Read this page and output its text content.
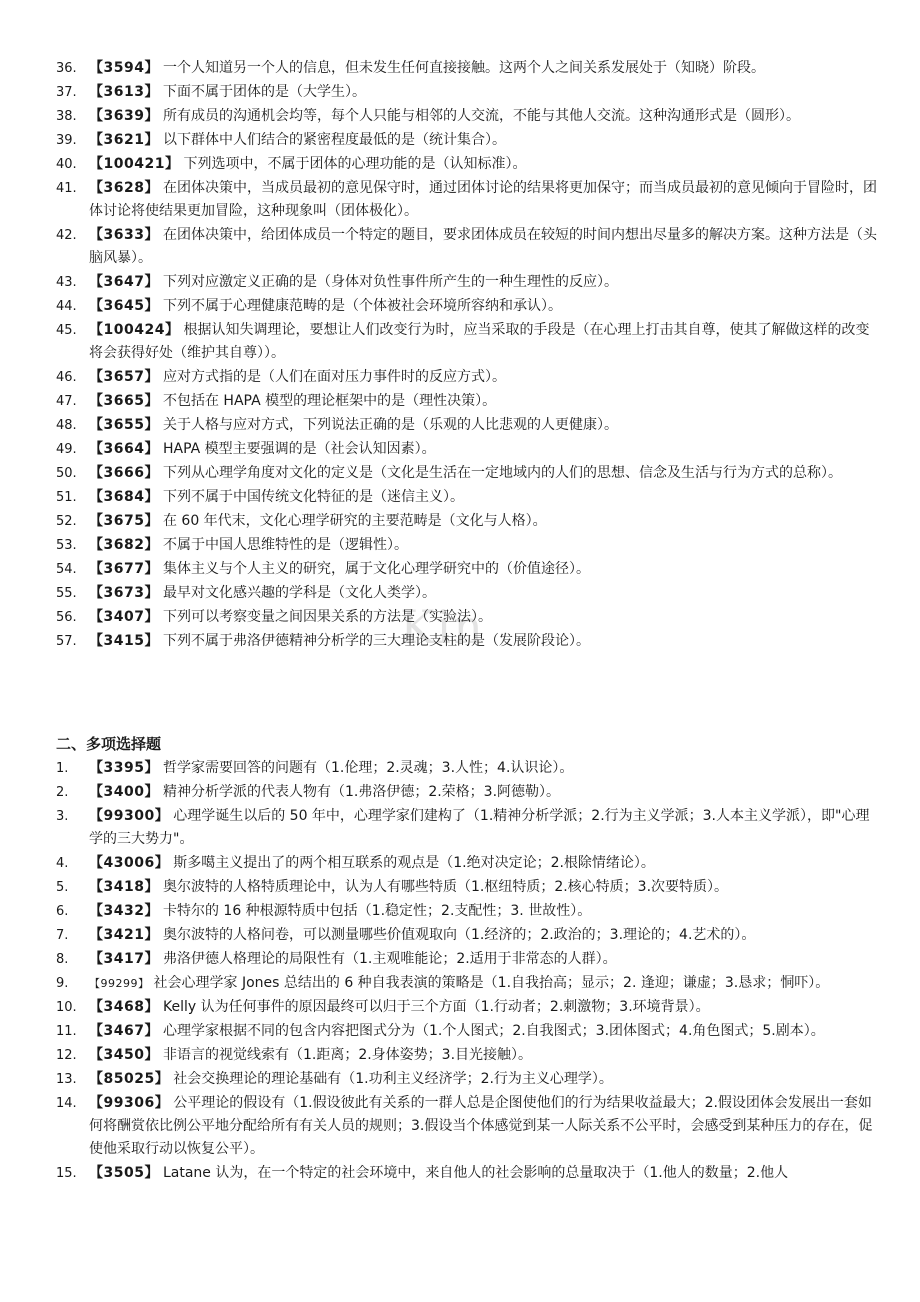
Kin
36. 【3594】 一个人知道另一个人的信息，但未发生任何直接接触。这两个人之间关系发展处于（知晓）阶段。
37. 【3613】 下面不属于团体的是（大学生）。
38. 【3639】 所有成员的沟通机会均等，每个人只能与相邻的人交流，不能与其他人交流。这种沟通形式是（圆形）。
39. 【3621】 以下群体中人们结合的紧密程度最低的是（统计集合）。
40. 【100421】 下列选项中，不属于团体的心理功能的是（认知标准）。
41. 【3628】 在团体决策中，当成员最初的意见保守时，通过团体讨论的结果将更加保守；而当成员最初的意见倾向于冒险时，团体讨论将使结果更加冒险，这种现象叫（团体极化）。
42. 【3633】 在团体决策中，给团体成员一个特定的题目，要求团体成员在较短的时间内想出尽量多的解决方案。这种方法是（头脑风暴）。
43. 【3647】 下列对应激定义正确的是（身体对负性事件所产生的一种生理性的反应）。
44. 【3645】 下列不属于心理健康范畴的是（个体被社会环境所容纳和承认）。
45. 【100424】 根据认知失调理论，要想让人们改变行为时，应当采取的手段是（在心理上打击其自尊，使其了解做这样的改变将会获得好处（维护其自尊））。
46. 【3657】 应对方式指的是（人们在面对压力事件时的反应方式）。
47. 【3665】 不包括在 HAPA 模型的理论框架中的是（理性决策）。
48. 【3655】 关于人格与应对方式，下列说法正确的是（乐观的人比悲观的人更健康）。
49. 【3664】 HAPA 模型主要强调的是（社会认知因素）。
50. 【3666】 下列从心理学角度对文化的定义是（文化是生活在一定地域内的人们的思想、信念及生活与行为方式的总称）。
51. 【3684】 下列不属于中国传统文化特征的是（迷信主义）。
52. 【3675】 在 60 年代末，文化心理学研究的主要范畴是（文化与人格）。
53. 【3682】 不属于中国人思维特性的是（逻辑性）。
54. 【3677】 集体主义与个人主义的研究，属于文化心理学研究中的（价值途径）。
55. 【3673】 最早对文化感兴趣的学科是（文化人类学）。
56. 【3407】 下列可以考察变量之间因果关系的方法是（实验法）。
57. 【3415】 下列不属于弗洛伊德精神分析学的三大理论支柱的是（发展阶段论）。
二、多项选择题
1. 【3395】 哲学家需要回答的问题有（1.伦理；2.灵魂；3.人性；4.认识论）。
2. 【3400】 精神分析学派的代表人物有（1.弗洛伊德；2.荣格；3.阿德勒）。
3. 【99300】 心理学诞生以后的 50 年中，心理学家们建构了（1.精神分析学派；2.行为主义学派；3.人本主义学派），即"心理学的三大势力"。
4. 【43006】 斯多噶主义提出了的两个相互联系的观点是（1.绝对决定论；2.根除情绪论）。
5. 【3418】 奥尔波特的人格特质理论中，认为人有哪些特质（1.枢纽特质；2.核心特质；3.次要特质）。
6. 【3432】 卡特尔的 16 种根源特质中包括（1.稳定性；2.支配性；3. 世故性）。
7. 【3421】 奥尔波特的人格问卷，可以测量哪些价值观取向（1.经济的；2.政治的；3.理论的；4.艺术的）。
8. 【3417】 弗洛伊德人格理论的局限性有（1.主观唯能论；2.适用于非常态的人群）。
9. 【99299】 社会心理学家 Jones 总结出的 6 种自我表演的策略是（1.自我抬高；显示；2. 逢迎；谦虚；3.恳求；恫吓）。
10. 【3468】 Kelly 认为任何事件的原因最终可以归于三个方面（1.行动者；2.刺激物；3.环境背景）。
11. 【3467】 心理学家根据不同的包含内容把图式分为（1.个人图式；2.自我图式；3.团体图式；4.角色图式；5.剧本）。
12. 【3450】 非语言的视觉线索有（1.距离；2.身体姿势；3.目光接触）。
13. 【85025】 社会交换理论的理论基础有（1.功利主义经济学；2.行为主义心理学）。
14. 【99306】 公平理论的假设有（1.假设彼此有关系的一群人总是企图使他们的行为结果收益最大；2.假设团体会发展出一套如何将酬赏依比例公平地分配给所有有关人员的规则；3.假设当个体感觉到某一人际关系不公平时，会感受到某种压力的存在，促使他采取行动以恢复公平）。
15. 【3505】 Latane 认为，在一个特定的社会环境中，来自他人的社会影响的总量取决于（1.他人的数量；2.他人
